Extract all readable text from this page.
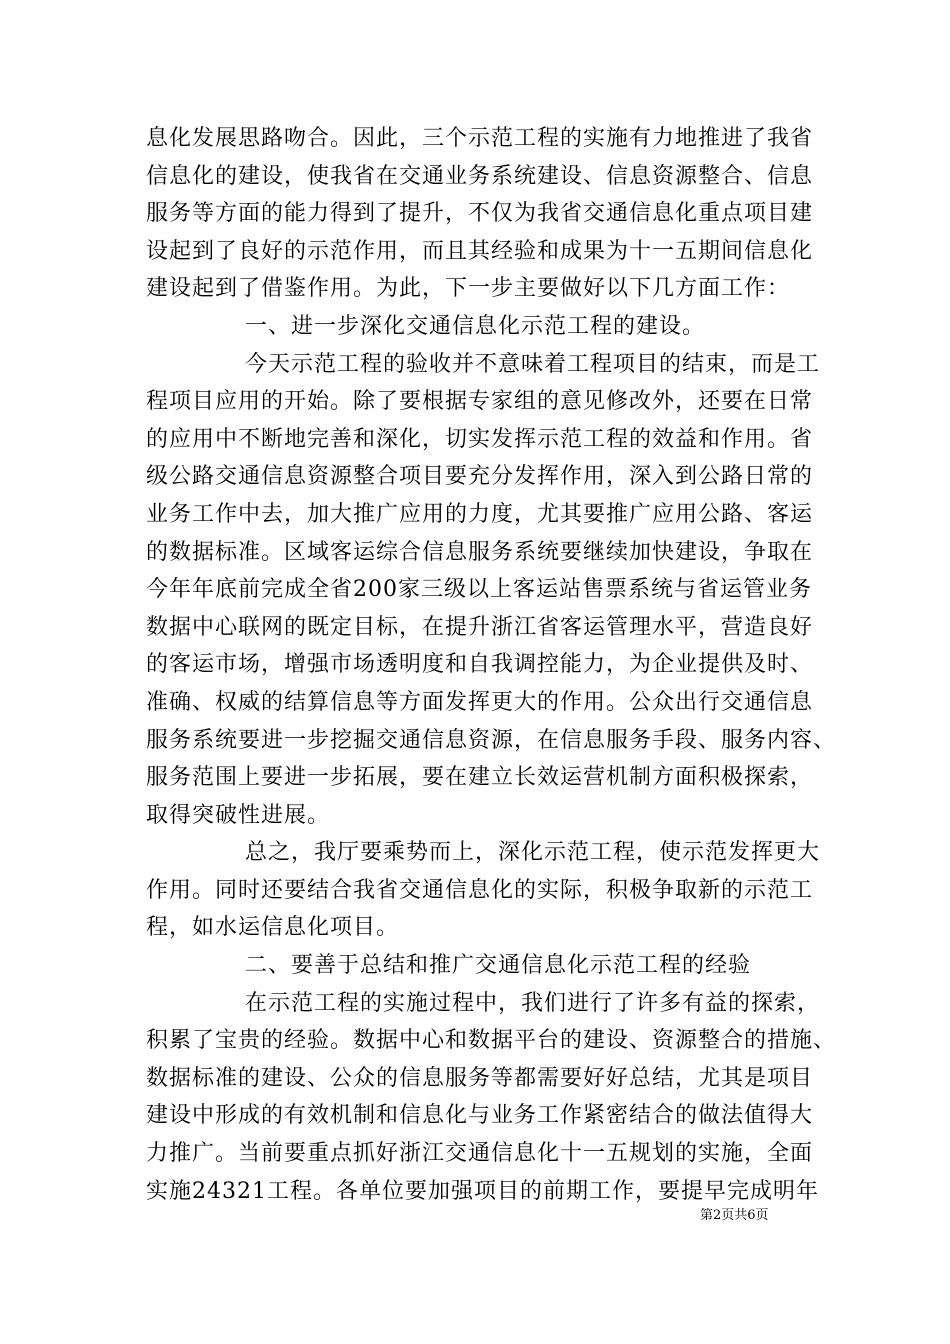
息化发展思路吻合。因此，三个示范工程的实施有力地推进了我省
信息化的建设，使我省在交通业务系统建设、信息资源整合、信息
服务等方面的能力得到了提升，不仅为我省交通信息化重点项目建
设起到了良好的示范作用，而且其经验和成果为十一五期间信息化
建设起到了借鉴作用。为此，下一步主要做好以下几方面工作：
一、进一步深化交通信息化示范工程的建设。
今天示范工程的验收并不意味着工程项目的结束，而是工
程项目应用的开始。除了要根据专家组的意见修改外，还要在日常
的应用中不断地完善和深化，切实发挥示范工程的效益和作用。省
级公路交通信息资源整合项目要充分发挥作用，深入到公路日常的
业务工作中去，加大推广应用的力度，尤其要推广应用公路、客运
的数据标准。区域客运综合信息服务系统要继续加快建设，争取在
今年年底前完成全省200家三级以上客运站售票系统与省运管业务
数据中心联网的既定目标，在提升浙江省客运管理水平，营造良好
的客运市场，增强市场透明度和自我调控能力，为企业提供及时、
准确、权威的结算信息等方面发挥更大的作用。公众出行交通信息
服务系统要进一步挖掘交通信息资源，在信息服务手段、服务内容、
服务范围上要进一步拓展，要在建立长效运营机制方面积极探索，
取得突破性进展。
总之，我厅要乘势而上，深化示范工程，使示范发挥更大
作用。同时还要结合我省交通信息化的实际，积极争取新的示范工
程，如水运信息化项目。
二、要善于总结和推广交通信息化示范工程的经验
在示范工程的实施过程中，我们进行了许多有益的探索，
积累了宝贵的经验。数据中心和数据平台的建设、资源整合的措施、
数据标准的建设、公众的信息服务等都需要好好总结，尤其是项目
建设中形成的有效机制和信息化与业务工作紧密结合的做法值得大
力推广。当前要重点抓好浙江交通信息化十一五规划的实施，全面
实施24321工程。各单位要加强项目的前期工作，要提早完成明年
第2页共6页
